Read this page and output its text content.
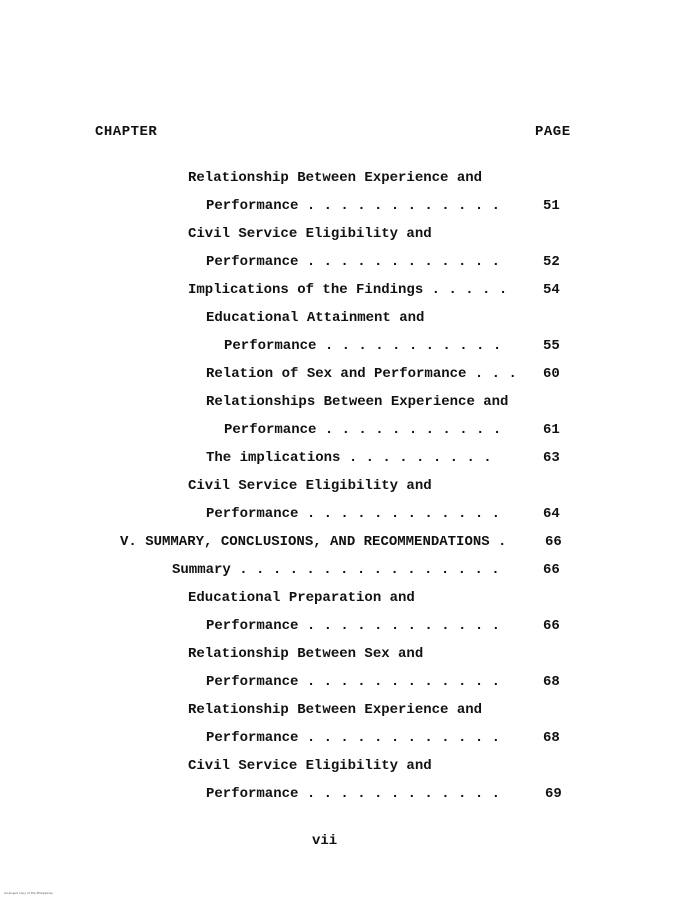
CHAPTER	PAGE
Relationship Between Experience and
Performance . . . . . . . . . . . .	51
Civil Service Eligibility and
Performance . . . . . . . . . . . .	52
Implications of the Findings . . . . .	54
Educational Attainment and
Performance . . . . . . . . . . .	55
Relation of Sex and Performance . . . 60
Relationships Between Experience and
Performance . . . . . . . . . . .	61
The implications . . . . . . . . .	63
Civil Service Eligibility and
Performance . . . . . . . . . . . .	64
V. SUMMARY, CONCLUSIONS, AND RECOMMENDATIONS .	66
Summary . . . . . . . . . . . . . . . .	66
Educational Preparation and
Performance . . . . . . . . . . . .	66
Relationship Between Sex and
Performance . . . . . . . . . . . .	68
Relationship Between Experience and
Performance . . . . . . . . . . . .	68
Civil Service Eligibility and
Performance . . . . . . . . . . . .	69
vii
Arranged copy of the Philippines
